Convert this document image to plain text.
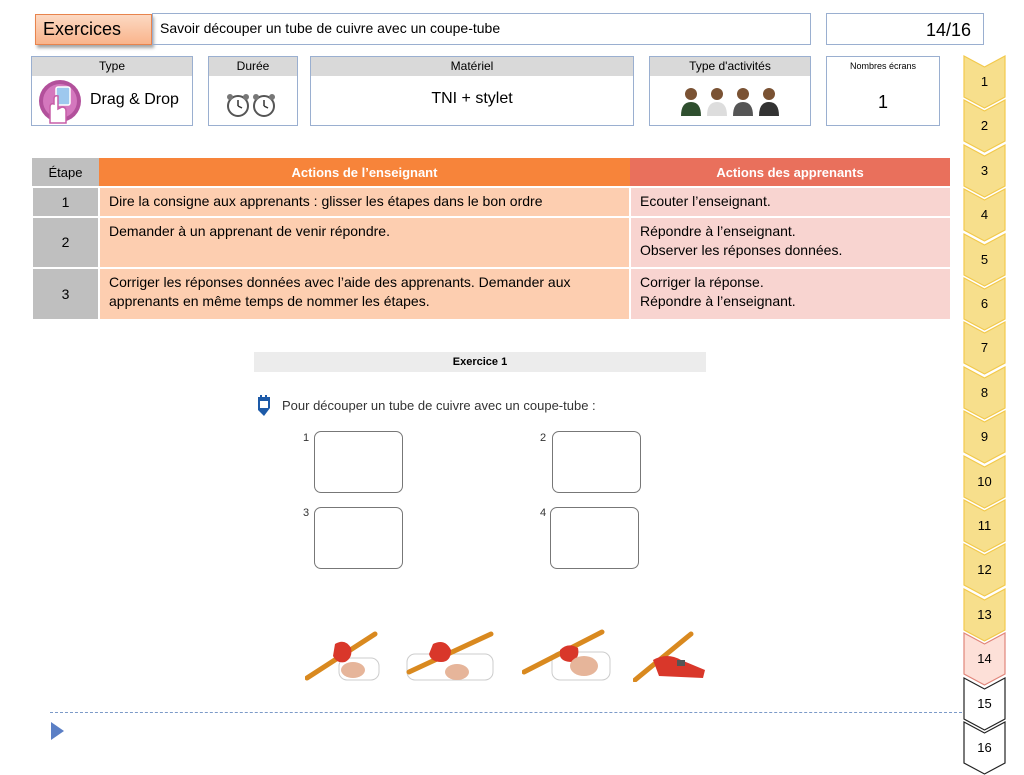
Exercices	Savoir découper un tube de cuivre avec un coupe-tube	14/16
Type
Drag & Drop
Durée	Matériel
TNI + stylet
Type d'activités	Nombres écrans
1
Étape	Actions de l’enseignant	Actions des apprenants
1	Dire la consigne aux apprenants : glisser les étapes dans le bon ordre	Ecouter l’enseignant.
2	Demander à un apprenant de venir répondre.	Répondre à l’enseignant.
Observer les réponses données.

3	Corriger les réponses données avec l’aide des apprenants. Demander aux apprenants en même temps de nommer les étapes.	Corriger la réponse.
Répondre à l’enseignant.
Exercice 1
Pour découper un tube de cuivre avec un coupe-tube :
1	2
3	4
1
2
3
4
5
6
7
8
9
10
11
12
13
14
15
16
